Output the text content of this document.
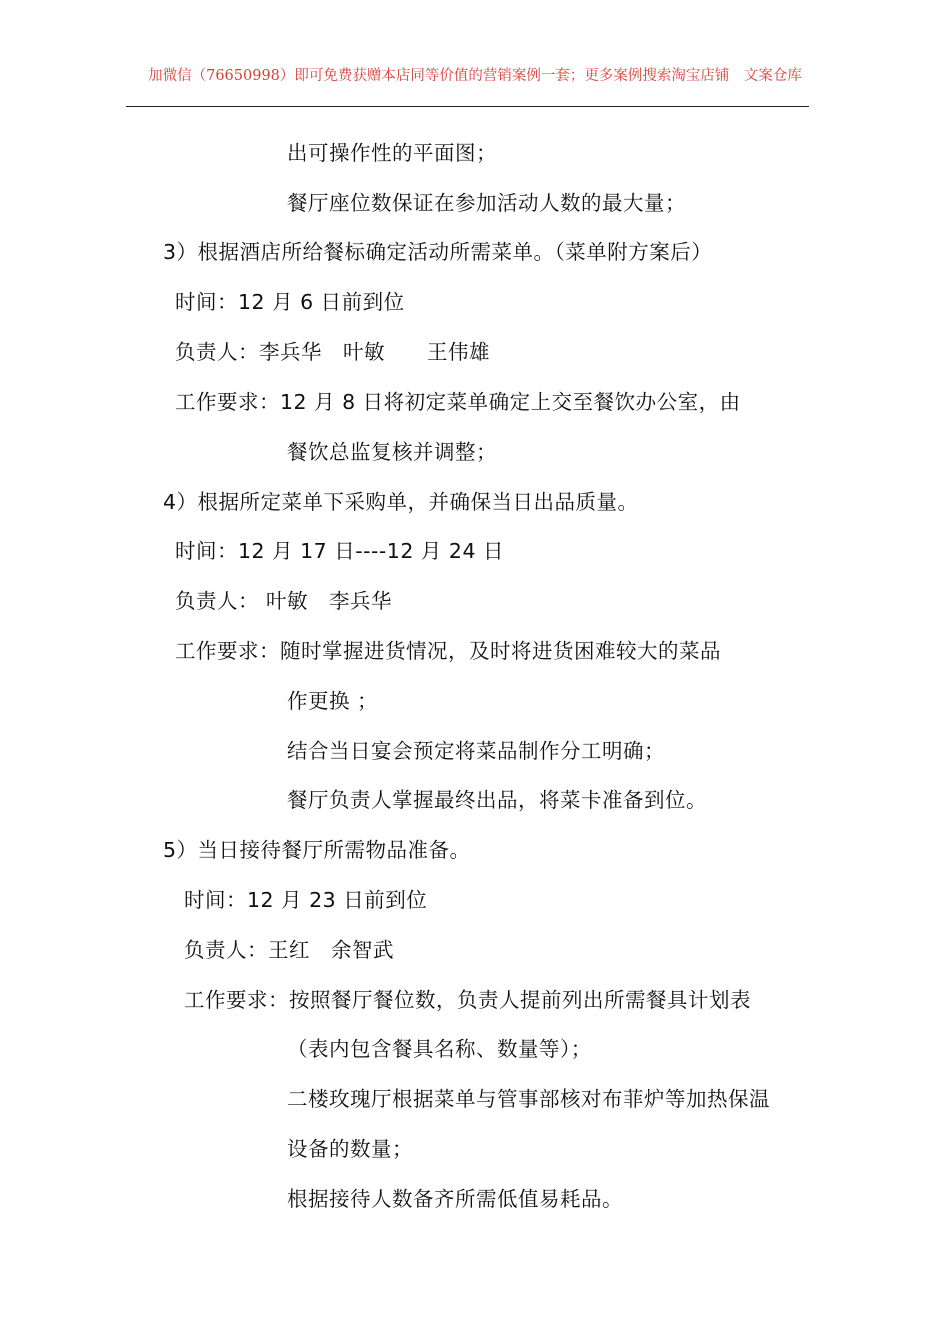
加微信（76650998）即可免费获赠本店同等价值的营销案例一套；更多案例搜索淘宝店铺　文案仓库
出可操作性的平面图；
餐厅座位数保证在参加活动人数的最大量；
3）根据酒店所给餐标确定活动所需菜单。（菜单附方案后）
时间：12 月 6 日前到位
负责人：李兵华　叶敏　　王伟雄
工作要求：12 月 8 日将初定菜单确定上交至餐饮办公室，由
餐饮总监复核并调整；
4）根据所定菜单下采购单，并确保当日出品质量。
时间：12 月 17 日----12 月 24 日
负责人： 叶敏　李兵华
工作要求：随时掌握进货情况，及时将进货困难较大的菜品
作更换 ；
结合当日宴会预定将菜品制作分工明确；
餐厅负责人掌握最终出品，将菜卡准备到位。
5）当日接待餐厅所需物品准备。
时间：12 月 23 日前到位
负责人：王红　余智武
工作要求：按照餐厅餐位数，负责人提前列出所需餐具计划表
（表内包含餐具名称、数量等）；
二楼玫瑰厅根据菜单与管事部核对布菲炉等加热保温
设备的数量；
根据接待人数备齐所需低值易耗品。
